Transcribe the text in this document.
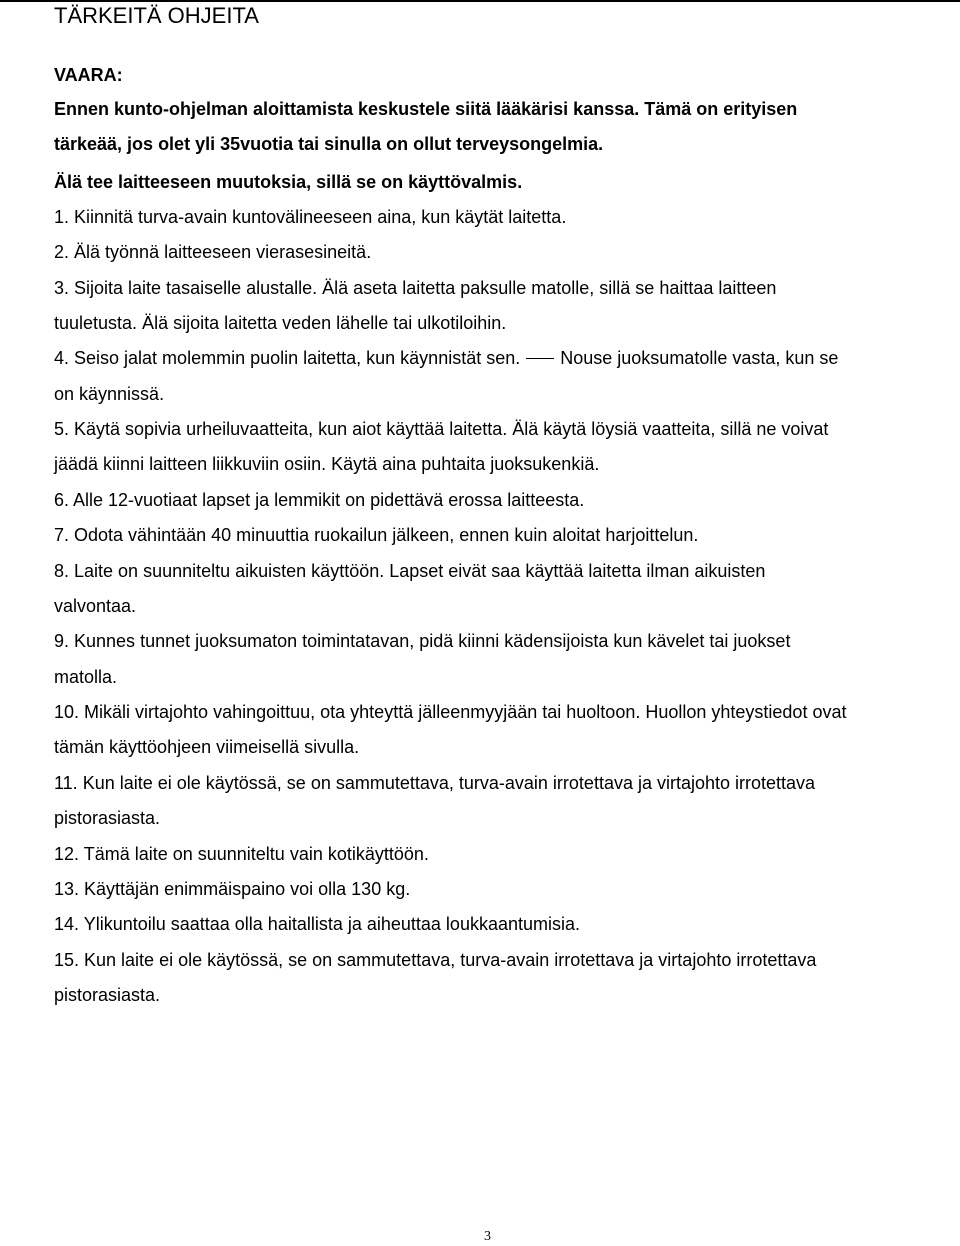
TÄRKEITÄ OHJEITA
VAARA:
Ennen kunto-ohjelman aloittamista keskustele siitä lääkärisi kanssa. Tämä on erityisen
tärkeää, jos olet yli 35vuotia tai sinulla on ollut terveysongelmia.
Älä tee laitteeseen muutoksia, sillä se on käyttövalmis.
1. Kiinnitä turva-avain kuntovälineeseen aina, kun käytät laitetta.
2. Älä työnnä laitteeseen vierasesineitä.
3. Sijoita laite tasaiselle alustalle. Älä aseta laitetta paksulle matolle, sillä se haittaa laitteen
tuuletusta. Älä sijoita laitetta veden lähelle tai ulkotiloihin.
4. Seiso jalat molemmin puolin laitetta, kun käynnistät sen. Nouse juoksumatolle vasta, kun se
on käynnissä.
5. Käytä sopivia urheiluvaatteita, kun aiot käyttää laitetta. Älä käytä löysiä vaatteita, sillä ne voivat
jäädä kiinni laitteen liikkuviin osiin. Käytä aina puhtaita juoksukenkiä.
6. Alle 12-vuotiaat lapset ja lemmikit on pidettävä erossa laitteesta.
7. Odota vähintään 40 minuuttia ruokailun jälkeen, ennen kuin aloitat harjoittelun.
8. Laite on suunniteltu aikuisten käyttöön. Lapset eivät saa käyttää laitetta ilman aikuisten
valvontaa.
9. Kunnes tunnet juoksumaton toimintatavan, pidä kiinni kädensijoista kun kävelet tai juokset
matolla.
10. Mikäli virtajohto vahingoittuu, ota yhteyttä jälleenmyyjään tai huoltoon. Huollon yhteystiedot ovat
tämän käyttöohjeen viimeisellä sivulla.
11. Kun laite ei ole käytössä, se on sammutettava, turva-avain irrotettava ja virtajohto irrotettava
pistorasiasta.
12. Tämä laite on suunniteltu vain kotikäyttöön.
13. Käyttäjän enimmäispaino voi olla 130 kg.
14. Ylikuntoilu saattaa olla haitallista ja aiheuttaa loukkaantumisia.
15. Kun laite ei ole käytössä, se on sammutettava, turva-avain irrotettava ja virtajohto irrotettava
pistorasiasta.
3
